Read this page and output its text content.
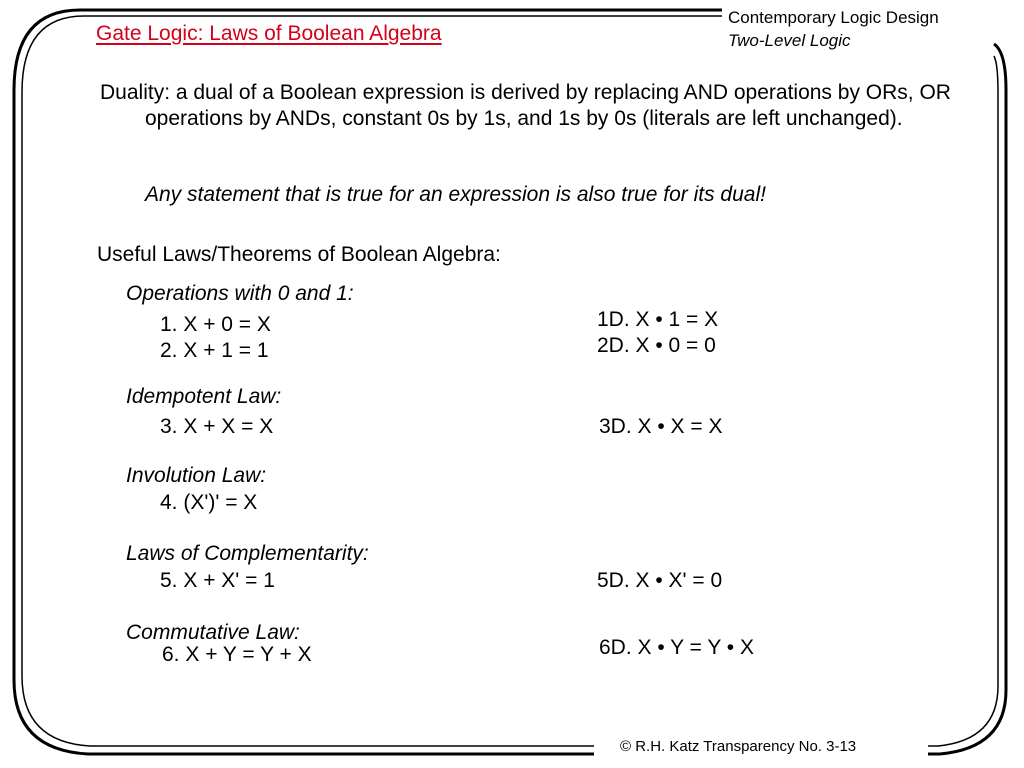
Gate Logic: Laws of Boolean Algebra
Contemporary Logic Design
Two-Level Logic
Duality: a dual of a Boolean expression is derived by replacing AND operations by ORs, OR operations by ANDs, constant 0s by 1s, and 1s by 0s (literals are left unchanged).
Any statement that is true for an expression is also true for its dual!
Useful Laws/Theorems of Boolean Algebra:
Operations with 0 and 1:
1. X + 0 = X	1D. X • 1 = X
2. X + 1 = 1	2D. X • 0 = 0
Idempotent Law:
3. X + X = X	3D. X • X = X
Involution Law:
4. (X')' = X
Laws of Complementarity:
5. X + X' = 1	5D. X • X' = 0
Commutative Law:
6. X + Y = Y + X	6D. X • Y = Y • X
© R.H. Katz Transparency No. 3-13
